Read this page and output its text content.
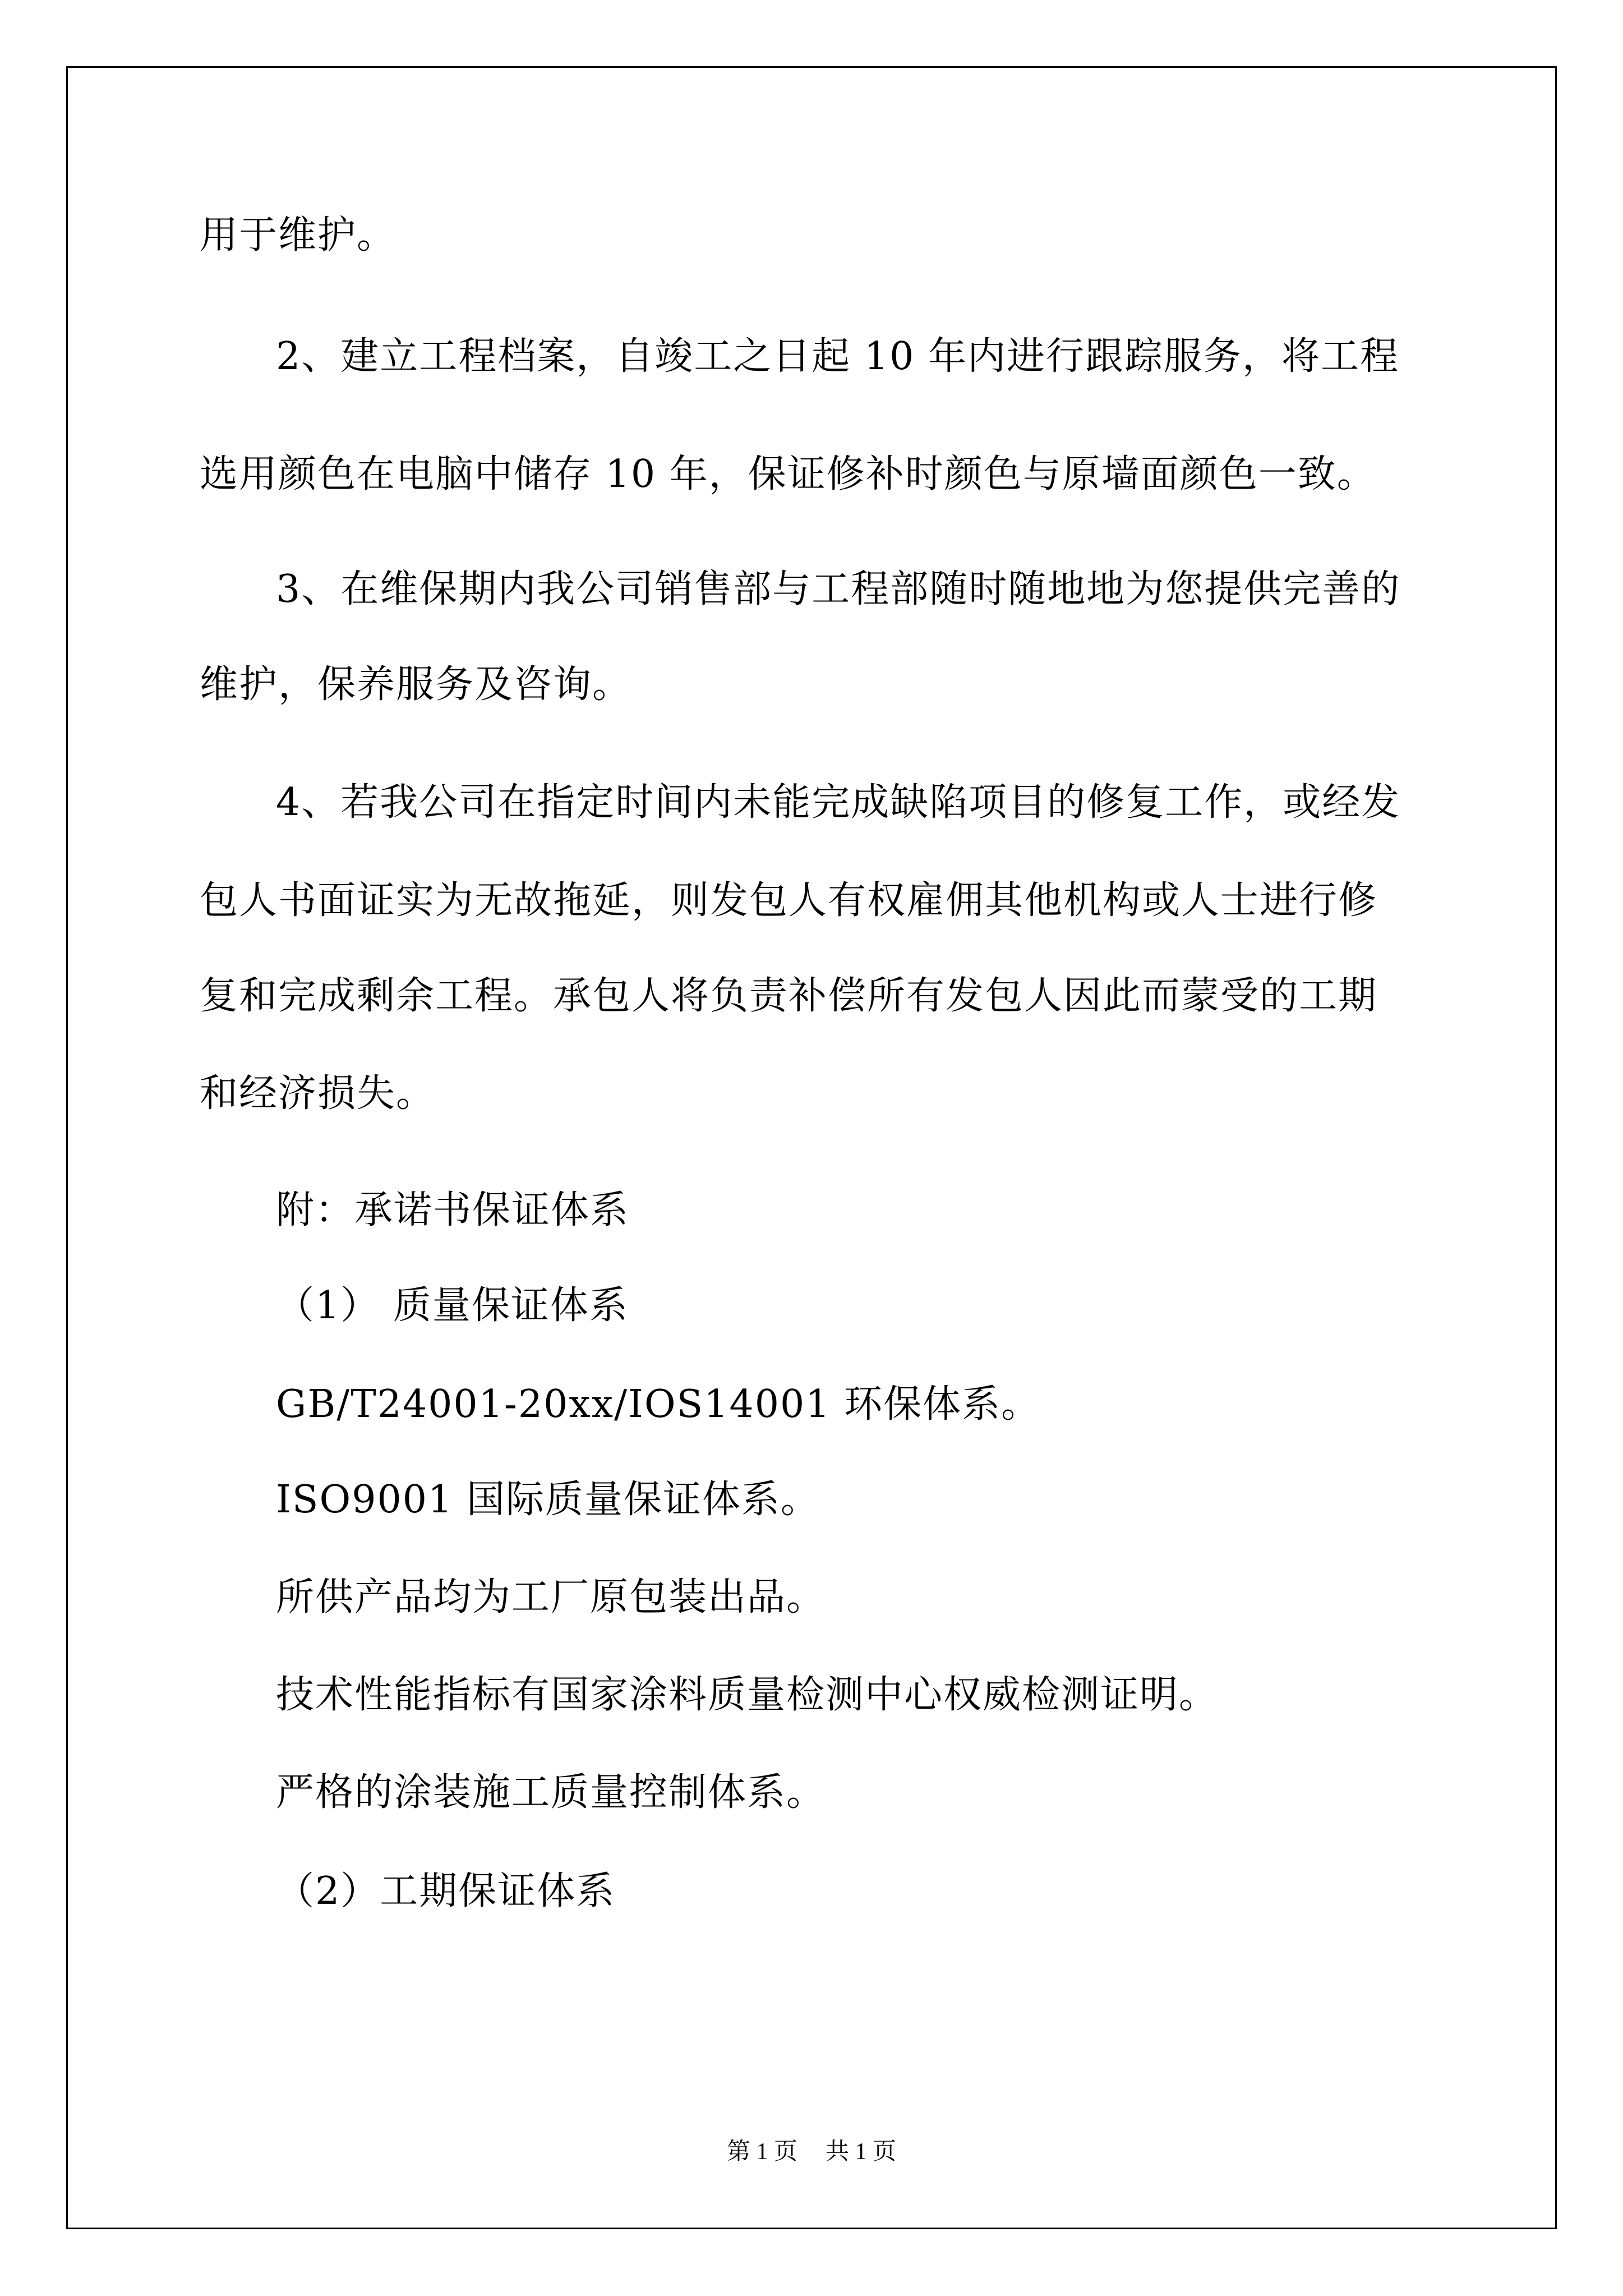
用于维护。
2、建立工程档案，自竣工之日起 10 年内进行跟踪服务，将工程
选用颜色在电脑中储存 10 年，保证修补时颜色与原墙面颜色一致。
3、在维保期内我公司销售部与工程部随时随地地为您提供完善的
维护，保养服务及咨询。
4、若我公司在指定时间内未能完成缺陷项目的修复工作，或经发
包人书面证实为无故拖延，则发包人有权雇佣其他机构或人士进行修
复和完成剩余工程。承包人将负责补偿所有发包人因此而蒙受的工期
和经济损失。
附：承诺书保证体系
（1） 质量保证体系
GB/T24001-20xx/IOS14001 环保体系。
ISO9001 国际质量保证体系。
所供产品均为工厂原包装出品。
技术性能指标有国家涂料质量检测中心权威检测证明。
严格的涂装施工质量控制体系。
（2）工期保证体系
第 1 页 共 1 页
